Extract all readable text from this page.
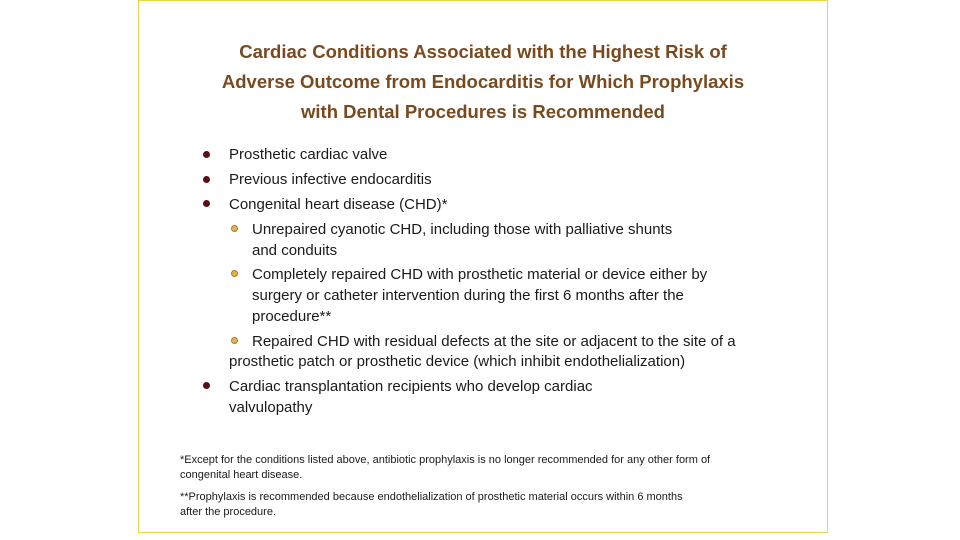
Cardiac Conditions Associated with the Highest Risk of
Adverse Outcome from Endocarditis for Which Prophylaxis
with Dental Procedures is Recommended
Prosthetic cardiac valve
Previous infective endocarditis
Congenital heart disease (CHD)*
Unrepaired cyanotic CHD, including those with palliative shunts
and conduits
Completely repaired CHD with prosthetic material or device either by
surgery or catheter intervention during the first 6 months after the
procedure**
Repaired CHD with residual defects at the site or adjacent to the site of a
prosthetic patch or prosthetic device (which inhibit endothelialization)
Cardiac transplantation recipients who develop cardiac
valvulopathy
*Except for the conditions listed above, antibiotic prophylaxis is no longer recommended for any other form of
congenital heart disease.
**Prophylaxis is recommended because endothelialization of prosthetic material occurs within 6 months
after the procedure.
